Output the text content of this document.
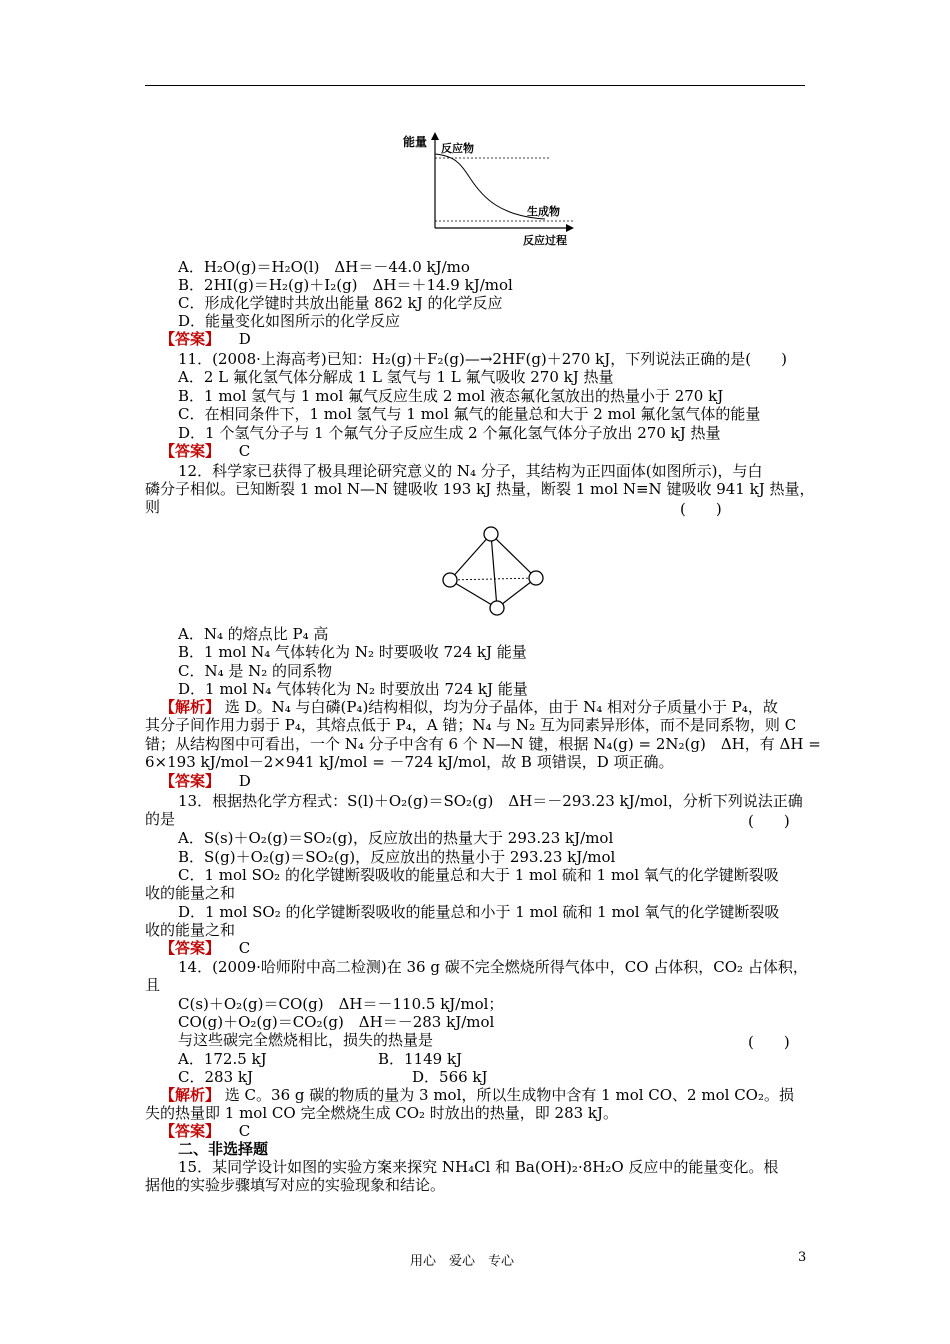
能量 反应物
生成物
反应过程
A．H₂O(g)＝H₂O(l)　ΔH＝－44.0 kJ/mo
B．2HI(g)＝H₂(g)＋I₂(g)　ΔH＝＋14.9 kJ/mol
C．形成化学键时共放出能量 862 kJ 的化学反应
D．能量变化如图所示的化学反应
【答案】 D
11．(2008·上海高考)已知：H₂(g)＋F₂(g)—→2HF(g)＋270 kJ，下列说法正确的是(　　)
A．2 L 氟化氢气体分解成 1 L 氢气与 1 L 氟气吸收 270 kJ 热量
B．1 mol 氢气与 1 mol 氟气反应生成 2 mol 液态氟化氢放出的热量小于 270 kJ
C．在相同条件下，1 mol 氢气与 1 mol 氟气的能量总和大于 2 mol 氟化氢气体的能量
D．1 个氢气分子与 1 个氟气分子反应生成 2 个氟化氢气体分子放出 270 kJ 热量
【答案】 C
12．科学家已获得了极具理论研究意义的 N₄ 分子，其结构为正四面体(如图所示)，与白
磷分子相似。已知断裂 1 mol N—N 键吸收 193 kJ 热量，断裂 1 mol N≡N 键吸收 941 kJ 热量，
则	(　　)
A．N₄ 的熔点比 P₄ 高
B．1 mol N₄ 气体转化为 N₂ 时要吸收 724 kJ 能量
C．N₄ 是 N₂ 的同系物
D．1 mol N₄ 气体转化为 N₂ 时要放出 724 kJ 能量
【解析】 选 D。N₄ 与白磷(P₄)结构相似，均为分子晶体，由于 N₄ 相对分子质量小于 P₄，故
其分子间作用力弱于 P₄，其熔点低于 P₄，A 错；N₄ 与 N₂ 互为同素异形体，而不是同系物，则 C
错；从结构图中可看出，一个 N₄ 分子中含有 6 个 N—N 键，根据 N₄(g) = 2N₂(g)　ΔH，有 ΔH =
6×193 kJ/mol－2×941 kJ/mol = －724 kJ/mol，故 B 项错误，D 项正确。
【答案】 D
13．根据热化学方程式：S(l)＋O₂(g)＝SO₂(g)　ΔH＝－293.23 kJ/mol，分析下列说法正确
的是	(　　)
A．S(s)＋O₂(g)＝SO₂(g)，反应放出的热量大于 293.23 kJ/mol
B．S(g)＋O₂(g)＝SO₂(g)，反应放出的热量小于 293.23 kJ/mol
C．1 mol SO₂ 的化学键断裂吸收的能量总和大于 1 mol 硫和 1 mol 氧气的化学键断裂吸
收的能量之和
D．1 mol SO₂ 的化学键断裂吸收的能量总和小于 1 mol 硫和 1 mol 氧气的化学键断裂吸
收的能量之和
【答案】 C
14．(2009·哈师附中高二检测)在 36 g 碳不完全燃烧所得气体中，CO 占体积，CO₂ 占体积，
且
C(s)＋O₂(g)＝CO(g)　ΔH＝－110.5 kJ/mol；
CO(g)＋O₂(g)＝CO₂(g)　ΔH＝－283 kJ/mol
与这些碳完全燃烧相比，损失的热量是	(　　)
A．172.5 kJ	B．1149 kJ
C．283 kJ	D．566 kJ
【解析】 选 C。36 g 碳的物质的量为 3 mol，所以生成物中含有 1 mol CO、2 mol CO₂。损
失的热量即 1 mol CO 完全燃烧生成 CO₂ 时放出的热量，即 283 kJ。
【答案】 C
二、非选择题
15．某同学设计如图的实验方案来探究 NH₄Cl 和 Ba(OH)₂·8H₂O 反应中的能量变化。根
据他的实验步骤填写对应的实验现象和结论。
用心　爱心　专心	3
